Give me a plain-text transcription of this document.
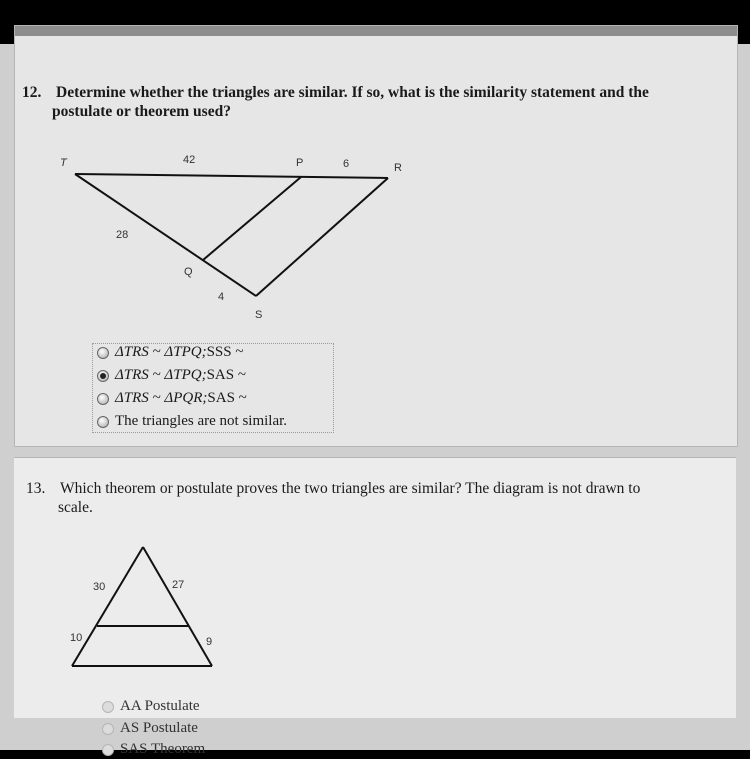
12. Determine whether the triangles are similar. If so, what is the similarity statement and the
postulate or theorem used?
T	42	P	6	R
28
Q
4
S
ΔTRS ~ ΔTPQ; SSS ~
ΔTRS ~ ΔTPQ; SAS ~
ΔTRS ~ ΔPQR; SAS ~
The triangles are not similar.
13. Which theorem or postulate proves the two triangles are similar? The diagram is not drawn to
scale.
30	27
10	9
AA Postulate
AS Postulate
SAS Theorem
